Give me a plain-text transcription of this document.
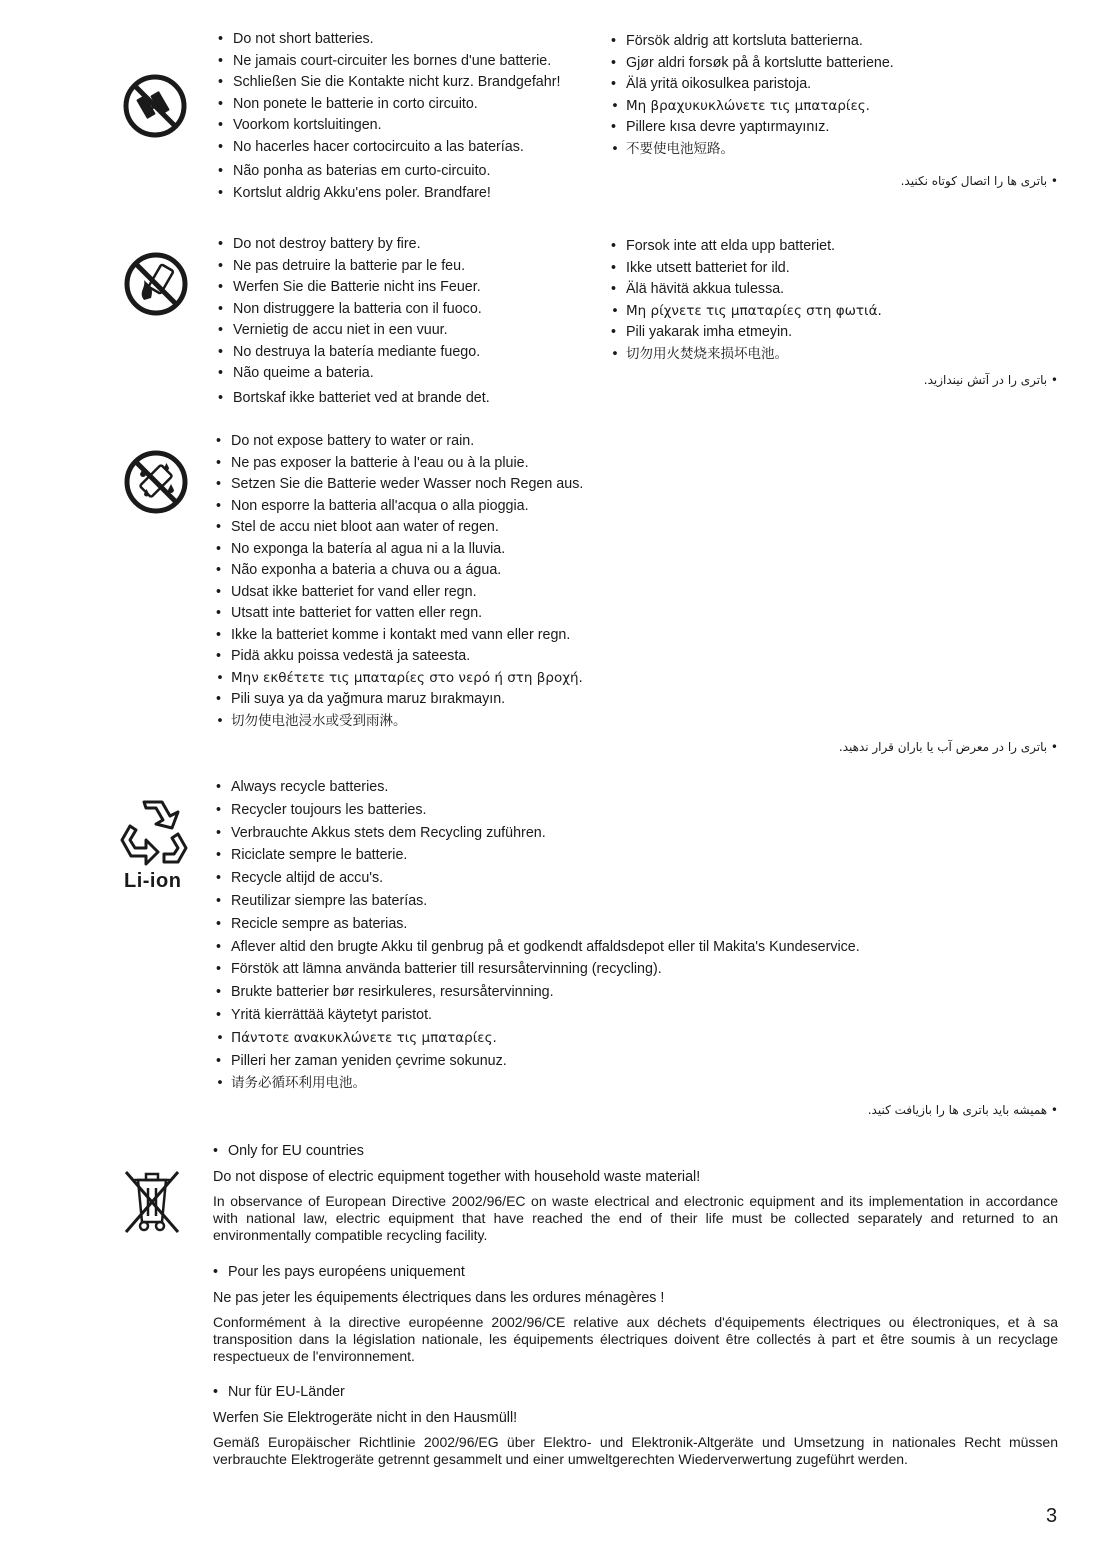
• Do not short batteries.
• Ne jamais court-circuiter les bornes d'une batterie.
• Schließen Sie die Kontakte nicht kurz. Brandgefahr!
• Non ponete le batterie in corto circuito.
• Voorkom kortsluitingen.
• No hacerles hacer cortocircuito a las baterías.
• Não ponha as baterias em curto-circuito.
• Kortslut aldrig Akku'ens poler. Brandfare!
• Försök aldrig att kortsluta batterierna.
• Gjør aldri forsøk på å kortslutte batteriene.
• Älä yritä oikosulkea paristoja.
• Μη βραχυκυκλώνετε τις μπαταρίες.
• Pillere kısa devre yaptırmayınız.
• 不要使电池短路。
• باتری ها را اتصال کوتاه نکنید.
• Do not destroy battery by fire.
• Ne pas detruire la batterie par le feu.
• Werfen Sie die Batterie nicht ins Feuer.
• Non distruggere la batteria con il fuoco.
• Vernietig de accu niet in een vuur.
• No destruya la batería mediante fuego.
• Não queime a bateria.
• Bortskaf ikke batteriet ved at brande det.
• Forsok inte att elda upp batteriet.
• Ikke utsett batteriet for ild.
• Älä hävitä akkua tulessa.
• Μη ρίχνετε τις μπαταρίες στη φωτιά.
• Pili yakarak imha etmeyin.
• 切勿用火焚烧来损坏电池。
• باتری را در آتش نیندازید.
• Do not expose battery to water or rain.
• Ne pas exposer la batterie à l'eau ou à la pluie.
• Setzen Sie die Batterie weder Wasser noch Regen aus.
• Non esporre la batteria all'acqua o alla pioggia.
• Stel de accu niet bloot aan water of regen.
• No exponga la batería al agua ni a la lluvia.
• Não exponha a bateria a chuva ou a água.
• Udsat ikke batteriet for vand eller regn.
• Utsatt inte batteriet for vatten eller regn.
• Ikke la batteriet komme i kontakt med vann eller regn.
• Pidä akku poissa vedestä ja sateesta.
• Μην εκθέτετε τις μπαταρίες στο νερό ή στη βροχή.
• Pili suya ya da yağmura maruz bırakmayın.
• 切勿使电池浸水或受到雨淋。
• باتری را در معرض آب یا باران قرار ندهید.
Li-ion
• Always recycle batteries.
• Recycler toujours les batteries.
• Verbrauchte Akkus stets dem Recycling zuführen.
• Riciclate sempre le batterie.
• Recycle altijd de accu's.
• Reutilizar siempre las baterías.
• Recicle sempre as baterias.
• Aflever altid den brugte Akku til genbrug på et godkendt affaldsdepot eller til Makita's Kundeservice.
• Förstök att lämna använda batterier till resursåtervinning (recycling).
• Brukte batterier bør resirkuleres, resursåtervinning.
• Yritä kierrättää käytetyt paristot.
• Πάντοτε ανακυκλώνετε τις μπαταρίες.
• Pilleri her zaman yeniden çevrime sokunuz.
• 请务必循环利用电池。
• همیشه باید باتری ها را بازیافت کنید.
• Only for EU countries
Do not dispose of electric equipment together with household waste material!
In observance of European Directive 2002/96/EC on waste electrical and electronic equipment and its implementation in accordance with national law, electric equipment that have reached the end of their life must be collected separately and returned to an environmentally compatible recycling facility.
• Pour les pays européens uniquement
Ne pas jeter les équipements électriques dans les ordures ménagères !
Conformément à la directive européenne 2002/96/CE relative aux déchets d'équipements électriques ou électroniques, et à sa transposition dans la législation nationale, les équipements électriques doivent être collectés à part et être soumis à un recyclage respectueux de l'environnement.
• Nur für EU-Länder
Werfen Sie Elektrogeräte nicht in den Hausmüll!
Gemäß Europäischer Richtlinie 2002/96/EG über Elektro- und Elektronik-Altgeräte und Umsetzung in nationales Recht müssen verbrauchte Elektrogeräte getrennt gesammelt und einer umweltgerechten Wiederverwertung zugeführt werden.
3
